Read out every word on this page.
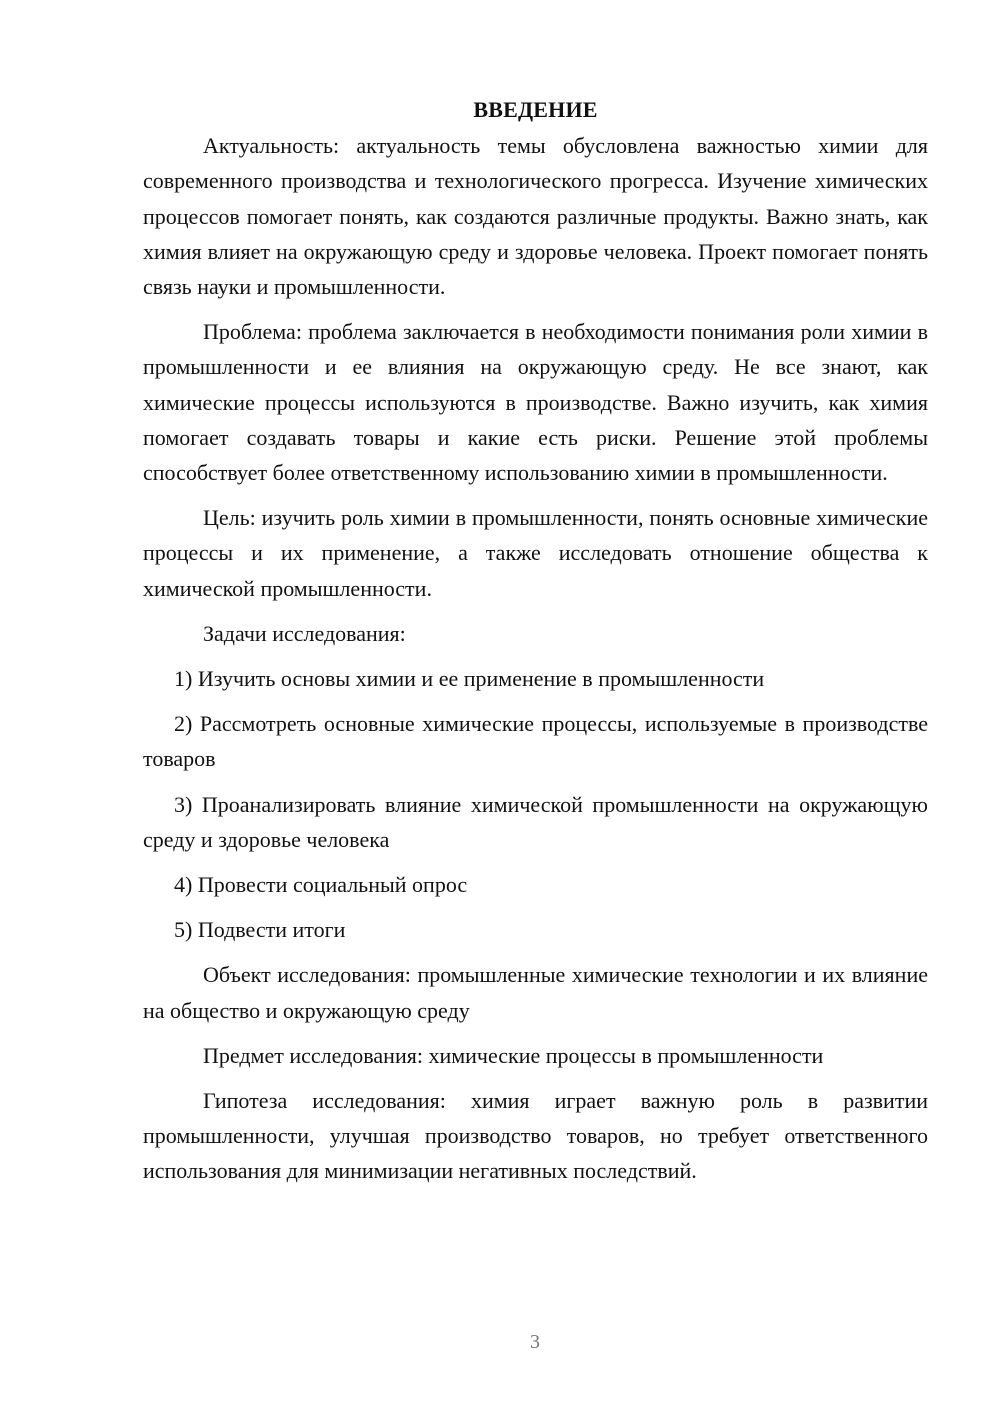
ВВЕДЕНИЕ

Актуальность: актуальность темы обусловлена важностью химии для современного производства и технологического прогресса. Изучение химических процессов помогает понять, как создаются различные продукты. Важно знать, как химия влияет на окружающую среду и здоровье человека. Проект помогает понять связь науки и промышленности.

Проблема: проблема заключается в необходимости понимания роли химии в промышленности и ее влияния на окружающую среду. Не все знают, как химические процессы используются в производстве. Важно изучить, как химия помогает создавать товары и какие есть риски. Решение этой проблемы способствует более ответственному использованию химии в промышленности.

Цель: изучить роль химии в промышленности, понять основные химические процессы и их применение, а также исследовать отношение общества к химической промышленности.

Задачи исследования:

1) Изучить основы химии и ее применение в промышленности

2) Рассмотреть основные химические процессы, используемые в производстве товаров

3) Проанализировать влияние химической промышленности на окружающую среду и здоровье человека

4) Провести социальный опрос

5) Подвести итоги

Объект исследования: промышленные химические технологии и их влияние на общество и окружающую среду

Предмет исследования: химические процессы в промышленности

Гипотеза исследования: химия играет важную роль в развитии промышленности, улучшая производство товаров, но требует ответственного использования для минимизации негативных последствий.

3
